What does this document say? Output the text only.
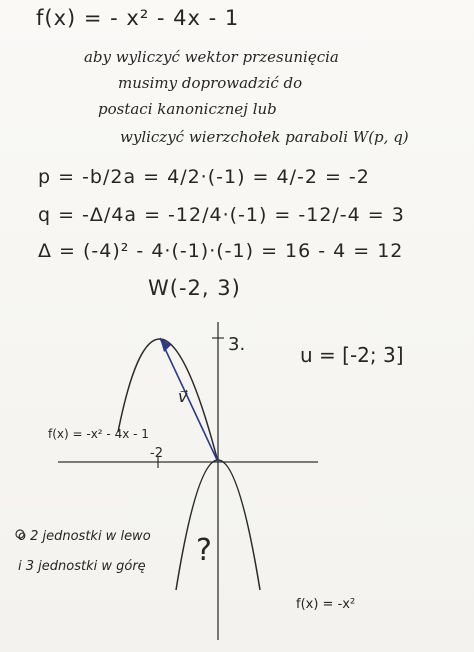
f(x) = - x² - 4x - 1
aby wyliczyć wektor przesunięcia
musimy doprowadzić do
postaci kanonicznej lub
wyliczyć wierzchołek paraboli W(p, q)
p = -b/2a = 4/2·(-1) = 4/-2 = -2
q = -Δ/4a = -12/4·(-1) = -12/-4 = 3
Δ = (-4)² - 4·(-1)·(-1) = 16 - 4 = 12
W(-2, 3)
3.
-2
v⃗
f(x) = -x² - 4x - 1
f(x) = -x²
u = [-2; 3]
o 2 jednostki w lewo
i 3 jednostki w górę ?
